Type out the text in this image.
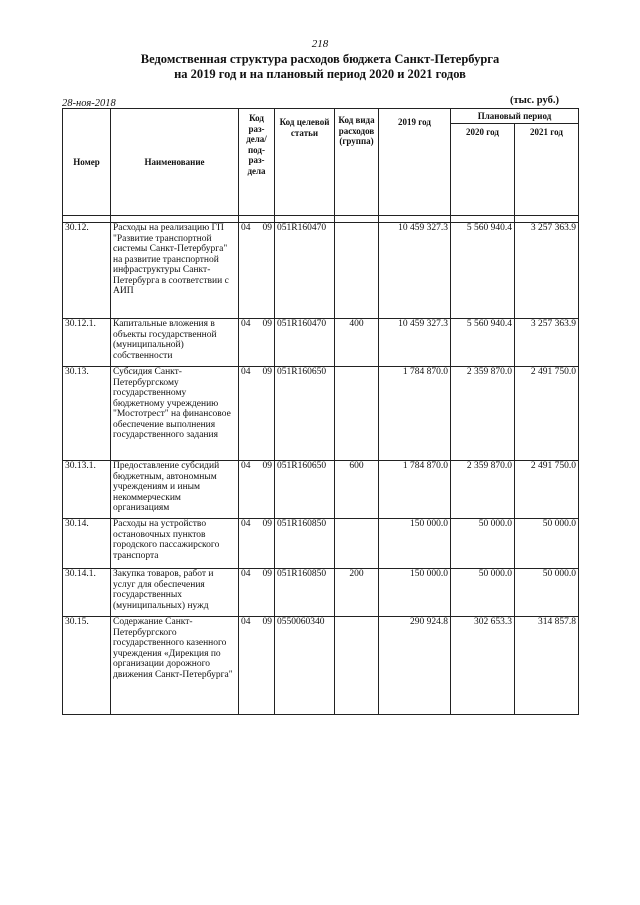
218
Ведомственная структура расходов бюджета Санкт-Петербурга
на 2019 год и на плановый период 2020 и 2021 годов
28-ноя-2018	(тыс. руб.)
Номер	Наименование	Код раз- дела/ под- раз- дела	Код целевой статьи	Код вида расходов (группа)	2019 год	Плановый период	
						2020 год	2021 год

30.12.	Расходы на реализацию ГП "Развитие транспортной системы Санкт-Петербурга" на развитие транспортной инфраструктуры Санкт-Петербурга в соответствии с АИП	04 09	051R160470		10 459 327.3	5 560 940.4	3 257 363.9
30.12.1.	Капитальные вложения в объекты государственной (муниципальной) собственности	04 09	051R160470	400	10 459 327.3	5 560 940.4	3 257 363.9
30.13.	Субсидия Санкт-Петербургскому государственному бюджетному учреждению "Мостотрест" на финансовое обеспечение выполнения государственного задания	04 09	051R160650		1 784 870.0	2 359 870.0	2 491 750.0
30.13.1.	Предоставление субсидий бюджетным, автономным учреждениям и иным некоммерческим организациям	04 09	051R160650	600	1 784 870.0	2 359 870.0	2 491 750.0
30.14.	Расходы на устройство остановочных пунктов городского пассажирского транспорта	04 09	051R160850		150 000.0	50 000.0	50 000.0
30.14.1.	Закупка товаров, работ и услуг для обеспечения государственных (муниципальных) нужд	04 09	051R160850	200	150 000.0	50 000.0	50 000.0
30.15.	Содержание Санкт-Петербургского государственного казенного учреждения «Дирекция по организации дорожного движения Санкт-Петербурга"	04 09	0550060340		290 924.8	302 653.3	314 857.8
